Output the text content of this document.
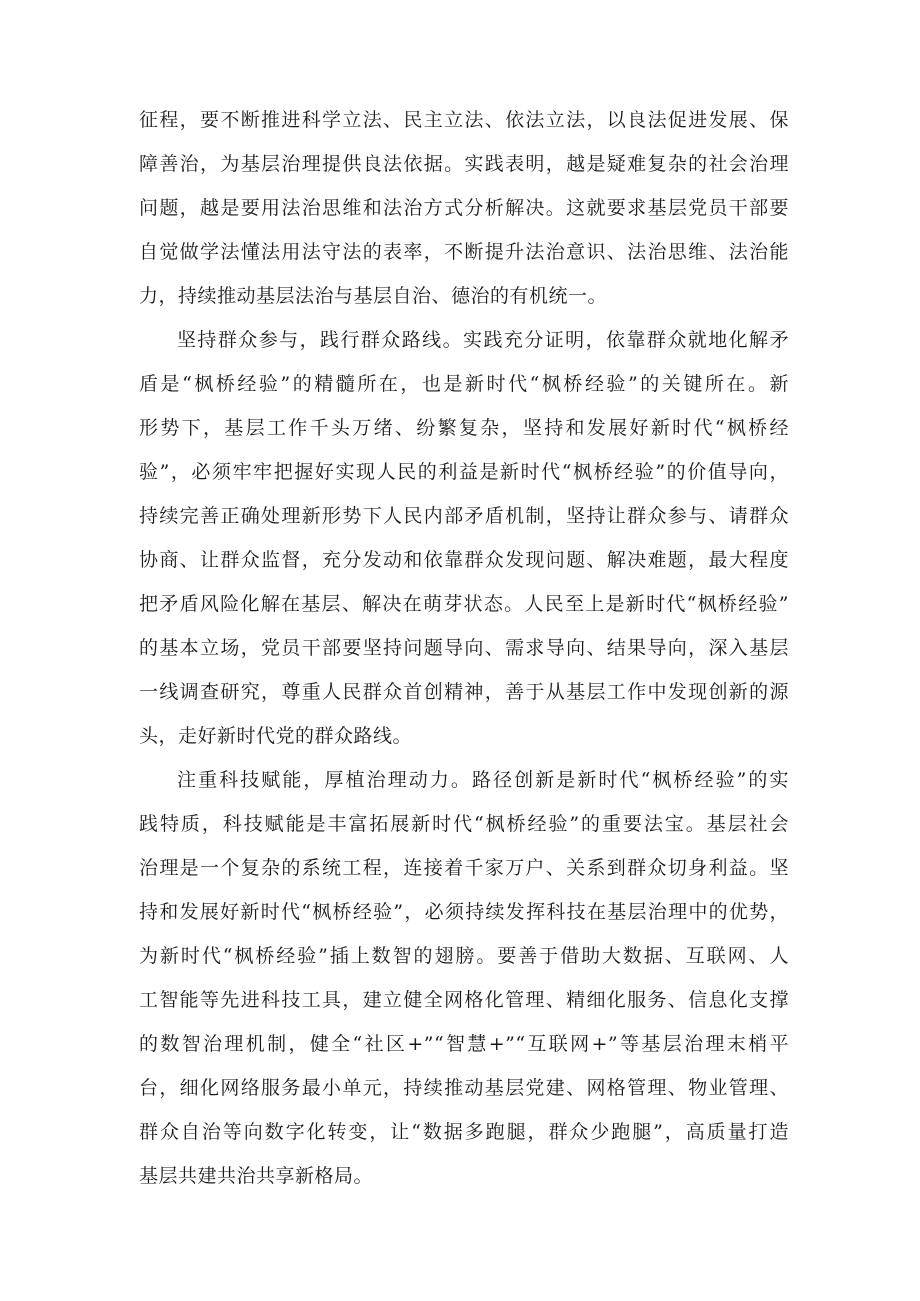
征程，要不断推进科学立法、民主立法、依法立法，以良法促进发展、保
障善治，为基层治理提供良法依据。实践表明，越是疑难复杂的社会治理
问题，越是要用法治思维和法治方式分析解决。这就要求基层党员干部要
自觉做学法懂法用法守法的表率，不断提升法治意识、法治思维、法治能
力，持续推动基层法治与基层自治、德治的有机统一。
坚持群众参与，践行群众路线。实践充分证明，依靠群众就地化解矛
盾是“枫桥经验”的精髓所在，也是新时代“枫桥经验”的关键所在。新
形势下，基层工作千头万绪、纷繁复杂，坚持和发展好新时代“枫桥经
验”，必须牢牢把握好实现人民的利益是新时代“枫桥经验”的价值导向，
持续完善正确处理新形势下人民内部矛盾机制，坚持让群众参与、请群众
协商、让群众监督，充分发动和依靠群众发现问题、解决难题，最大程度
把矛盾风险化解在基层、解决在萌芽状态。人民至上是新时代“枫桥经验”
的基本立场，党员干部要坚持问题导向、需求导向、结果导向，深入基层
一线调查研究，尊重人民群众首创精神，善于从基层工作中发现创新的源
头，走好新时代党的群众路线。
注重科技赋能，厚植治理动力。路径创新是新时代“枫桥经验”的实
践特质，科技赋能是丰富拓展新时代“枫桥经验”的重要法宝。基层社会
治理是一个复杂的系统工程，连接着千家万户、关系到群众切身利益。坚
持和发展好新时代“枫桥经验”，必须持续发挥科技在基层治理中的优势，
为新时代“枫桥经验”插上数智的翅膀。要善于借助大数据、互联网、人
工智能等先进科技工具，建立健全网格化管理、精细化服务、信息化支撑
的数智治理机制，健全“社区+”“智慧+”“互联网+”等基层治理末梢平
台，细化网络服务最小单元，持续推动基层党建、网格管理、物业管理、
群众自治等向数字化转变，让“数据多跑腿，群众少跑腿”，高质量打造
基层共建共治共享新格局。
